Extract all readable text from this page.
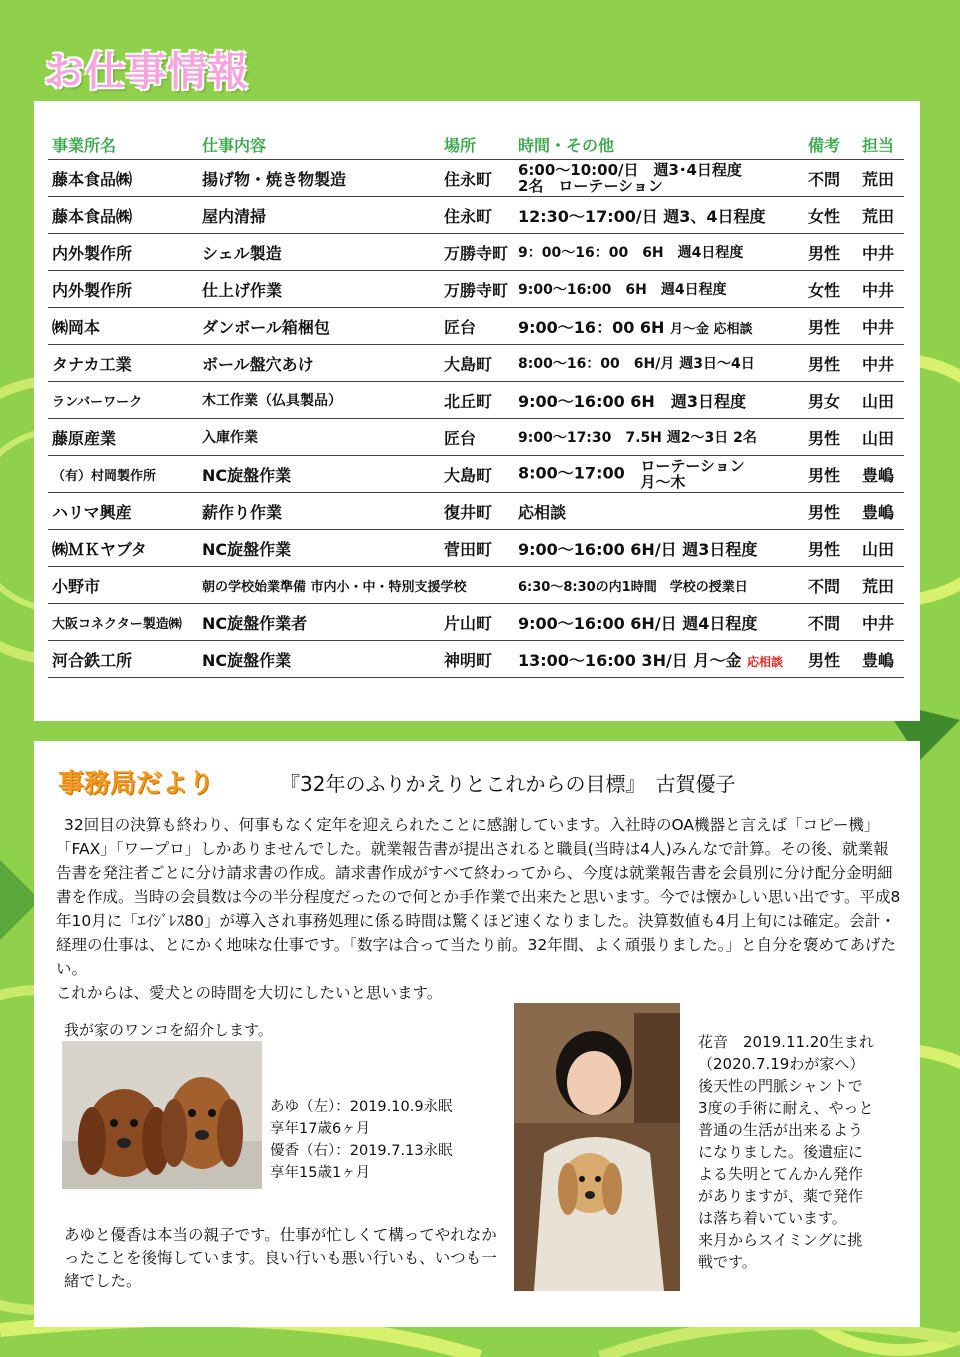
お仕事情報
事業所名	仕事内容	場所	時間・その他	備考	担当
藤本食品㈱	揚げ物・焼き物製造	住永町	6:00～10:00/日　週3･4日程度
2名　ローテーション	不問	荒田
藤本食品㈱	屋内清掃	住永町	12:30～17:00/日 週3、4日程度	女性	荒田
内外製作所	シェル製造	万勝寺町	9：00～16：00　6H　週4日程度	男性	中井
内外製作所	仕上げ作業	万勝寺町	9:00～16:00　6H　週4日程度	女性	中井
㈱岡本	ダンボール箱梱包	匠台	9:00～16：00 6H 月～金 応相談	男性	中井
タナカ工業	ボール盤穴あけ	大島町	8:00～16：00　6H/月 週3日～4日	男性	中井
ランバーワーク	木工作業（仏具製品）	北丘町	9:00～16:00 6H　週3日程度	男女	山田
藤原産業	入庫作業	匠台	9:00～17:30　7.5H 週2～3日 2名	男性	山田
（有）村岡製作所	NC旋盤作業	大島町	8:00～17:00 ローテーション
月～木	男性	豊嶋
ハリマ興産	薪作り作業	復井町	応相談	男性	豊嶋
㈱ＭＫヤブタ	NC旋盤作業	菅田町	9:00～16:00 6H/日 週3日程度	男性	山田
小野市	朝の学校始業準備 市内小・中・特別支援学校		6:30～8:30の内1時間　学校の授業日	不問	荒田
大阪コネクター製造㈱	NC旋盤作業者	片山町	9:00～16:00 6H/日 週4日程度	不問	中井
河合鉄工所	NC旋盤作業	神明町	13:00～16:00 3H/日 月～金 応相談	男性	豊嶋
事務局だより	『32年のふりかえりとこれからの目標』　古賀優子

32回目の決算も終わり、何事もなく定年を迎えられたことに感謝しています。入社時のOA機器と言えば「コピー機」「FAX」「ワープロ」しかありませんでした。就業報告書が提出されると職員(当時は4人)みんなで計算。その後、就業報告書を発注者ごとに分け請求書の作成。請求書作成がすべて終わってから、今度は就業報告書を会員別に分け配分金明細書を作成。当時の会員数は今の半分程度だったので何とか手作業で出来たと思います。今では懐かしい思い出です。平成8年10月に「ｴｲｼﾞﾚｽ80」が導入され事務処理に係る時間は驚くほど速くなりました。決算数値も4月上旬には確定。会計・経理の仕事は、とにかく地味な仕事です。「数字は合って当たり前。32年間、よく頑張りました。」と自分を褒めてあげたい。

これからは、愛犬との時間を大切にしたいと思います。

我が家のワンコを紹介します。
あゆ（左）：2019.10.9永眠
享年17歳6ヶ月
優香（右）：2019.7.13永眠
享年15歳1ヶ月
あゆと優香は本当の親子です。仕事が忙しくて構ってやれなかったことを後悔しています。良い行いも悪い行いも、いつも一緒でした。
花音　2019.11.20生まれ
（2020.7.19わが家へ）
後天性の門脈シャントで
3度の手術に耐え、やっと
普通の生活が出来るよう
になりました。後遺症に
よる失明とてんかん発作
がありますが、薬で発作
は落ち着いています。
来月からスイミングに挑
戦です。
